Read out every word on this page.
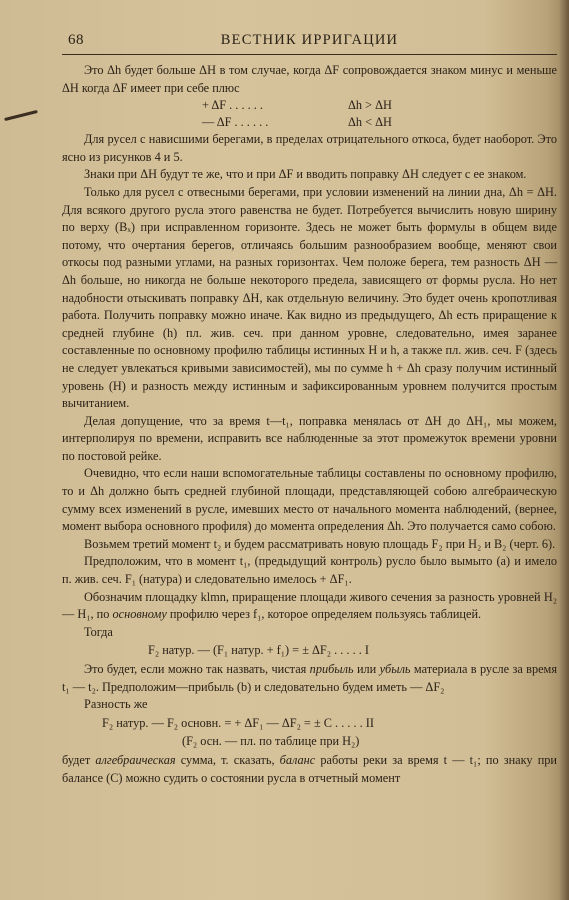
68	ВЕСТНИК ИРРИГАЦИИ

Это Δh будет больше ΔH в том случае, когда ΔF сопровождается знаком минус и меньше ΔH когда ΔF имеет при себе плюс

+ ΔF . . . . . .	Δh > ΔH
— ΔF . . . . . .	Δh < ΔH

Для русел с нависшими берегами, в пределах отрицательного откоса, будет наоборот. Это ясно из рисунков 4 и 5.

Знаки при ΔH будут те же, что и при ΔF и вводить поправку ΔH следует с ее знаком.

Только для русел с отвесными берегами, при условии изменений на линии дна, Δh = ΔH. Для всякого другого русла этого равенства не будет. Потребуется вычислить новую ширину по верху (Bₓ) при исправленном горизонте. Здесь не может быть формулы в общем виде потому, что очертания берегов, отличаясь большим разнообразием вообще, меняют свои откосы под разными углами, на разных горизонтах. Чем положе берега, тем разность ΔH — Δh больше, но никогда не больше некоторого предела, зависящего от формы русла. Но нет надобности отыскивать поправку ΔH, как отдельную величину. Это будет очень кропотливая работа. Получить поправку можно иначе. Как видно из предыдущего, Δh есть приращение к средней глубине (h) пл. жив. сеч. при данном уровне, следовательно, имея заранее составленные по основному профилю таблицы истинных H и h, а также пл. жив. сеч. F (здесь не следует увлекаться кривыми зависимостей), мы по сумме h + Δh сразу получим истинный уровень (H) и разность между истинным и зафиксированным уровнем получится простым вычитанием.

Делая допущение, что за время t—t₁, поправка менялась от ΔH до ΔH₁, мы можем, интерполируя по времени, исправить все наблюденные за этот промежуток времени уровни по постовой рейке.

Очевидно, что если наши вспомогательные таблицы составлены по основному профилю, то и Δh должно быть средней глубиной площади, представляющей собою алгебраическую сумму всех изменений в русле, имевших место от начального момента наблюдений, (вернее, момент выбора основного профиля) до момента определения Δh. Это получается само собою.

Возьмем третий момент t₂ и будем рассматривать новую площадь F₂ при H₂ и B₂ (черт. 6).

Предположим, что в момент t₁, (предыдущий контроль) русло было вымыто (a) и имело п. жив. сеч. F₁ (натура) и следовательно имелось + ΔF₁.

Обозначим площадку klmn, приращение площади живого сечения за разность уровней H₂ — H₁, по основному профилю через f₁, которое определяем пользуясь таблицей.

Тогда

F₂ натур. — (F₁ натур. + f₁) = ± ΔF₂ . . . . . I

Это будет, если можно так назвать, чистая прибыль или убыль материала в русле за время t₁ — t₂. Предположим—прибыль (b) и следовательно будем иметь — ΔF₂

Разность же

F₂ натур. — F₂ основн. = + ΔF₁ — ΔF₂ = ± C . . . . . II
(F₂ осн. — пл. по таблице при H₂)

будет алгебраическая сумма, т. сказать, баланс работы реки за время t — t₁; по знаку при балансе (C) можно судить о состоянии русла в отчетный момент
